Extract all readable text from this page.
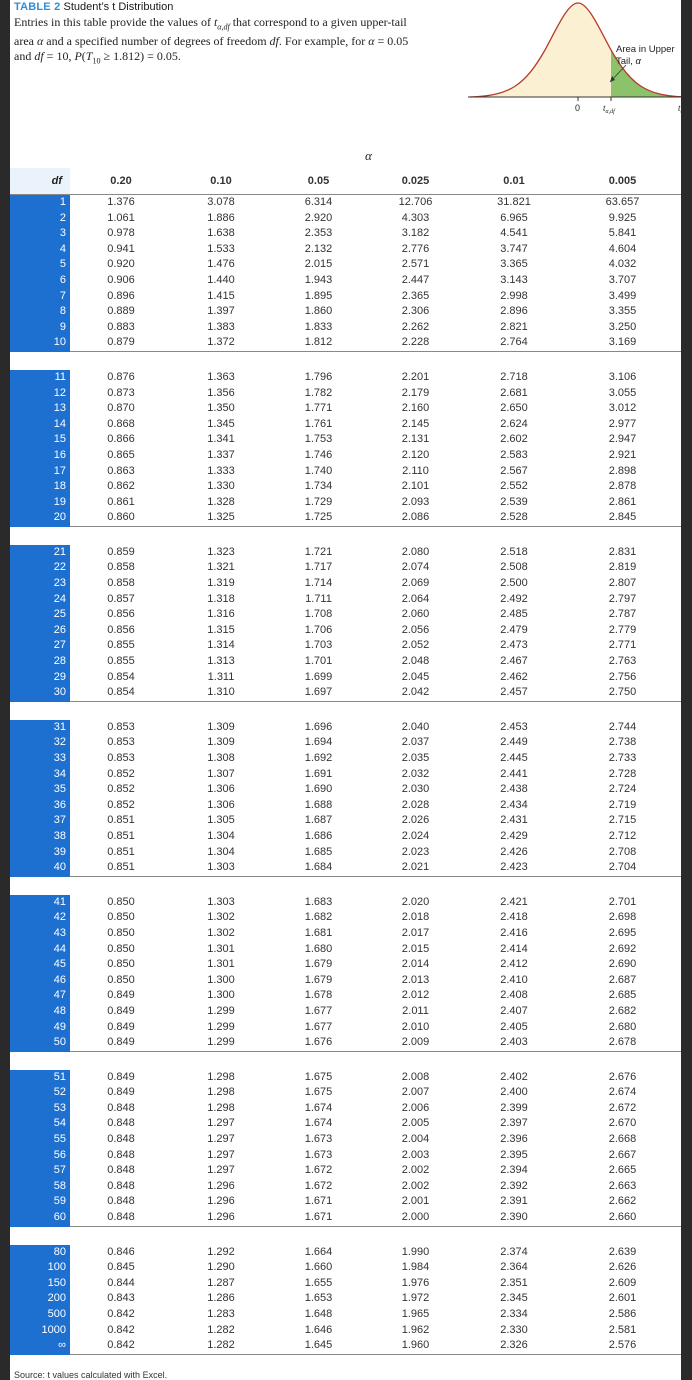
TABLE 2 Student’s t Distribution
Entries in this table provide the values of $t_{\alpha,df}$ that correspond to a given upper-tail area α and a specified number of degrees of freedom df. For example, for α = 0.05 and df = 10, $P(T_{10} \ge 1.812) = 0.05$.	Area in Upper
Tail, α
0	$t_{\alpha,df}$	$t_{df}$
α
df	0.20	0.10	0.05	0.025	0.01	0.005
1	1.376	3.078	6.314	12.706	31.821	63.657
2	1.061	1.886	2.920	4.303	6.965	9.925
3	0.978	1.638	2.353	3.182	4.541	5.841
4	0.941	1.533	2.132	2.776	3.747	4.604
5	0.920	1.476	2.015	2.571	3.365	4.032
6	0.906	1.440	1.943	2.447	3.143	3.707
7	0.896	1.415	1.895	2.365	2.998	3.499
8	0.889	1.397	1.860	2.306	2.896	3.355
9	0.883	1.383	1.833	2.262	2.821	3.250
10	0.879	1.372	1.812	2.228	2.764	3.169

11	0.876	1.363	1.796	2.201	2.718	3.106
12	0.873	1.356	1.782	2.179	2.681	3.055
13	0.870	1.350	1.771	2.160	2.650	3.012
14	0.868	1.345	1.761	2.145	2.624	2.977
15	0.866	1.341	1.753	2.131	2.602	2.947
16	0.865	1.337	1.746	2.120	2.583	2.921
17	0.863	1.333	1.740	2.110	2.567	2.898
18	0.862	1.330	1.734	2.101	2.552	2.878
19	0.861	1.328	1.729	2.093	2.539	2.861
20	0.860	1.325	1.725	2.086	2.528	2.845

21	0.859	1.323	1.721	2.080	2.518	2.831
22	0.858	1.321	1.717	2.074	2.508	2.819
23	0.858	1.319	1.714	2.069	2.500	2.807
24	0.857	1.318	1.711	2.064	2.492	2.797
25	0.856	1.316	1.708	2.060	2.485	2.787
26	0.856	1.315	1.706	2.056	2.479	2.779
27	0.855	1.314	1.703	2.052	2.473	2.771
28	0.855	1.313	1.701	2.048	2.467	2.763
29	0.854	1.311	1.699	2.045	2.462	2.756
30	0.854	1.310	1.697	2.042	2.457	2.750

31	0.853	1.309	1.696	2.040	2.453	2.744
32	0.853	1.309	1.694	2.037	2.449	2.738
33	0.853	1.308	1.692	2.035	2.445	2.733
34	0.852	1.307	1.691	2.032	2.441	2.728
35	0.852	1.306	1.690	2.030	2.438	2.724
36	0.852	1.306	1.688	2.028	2.434	2.719
37	0.851	1.305	1.687	2.026	2.431	2.715
38	0.851	1.304	1.686	2.024	2.429	2.712
39	0.851	1.304	1.685	2.023	2.426	2.708
40	0.851	1.303	1.684	2.021	2.423	2.704

41	0.850	1.303	1.683	2.020	2.421	2.701
42	0.850	1.302	1.682	2.018	2.418	2.698
43	0.850	1.302	1.681	2.017	2.416	2.695
44	0.850	1.301	1.680	2.015	2.414	2.692
45	0.850	1.301	1.679	2.014	2.412	2.690
46	0.850	1.300	1.679	2.013	2.410	2.687
47	0.849	1.300	1.678	2.012	2.408	2.685
48	0.849	1.299	1.677	2.011	2.407	2.682
49	0.849	1.299	1.677	2.010	2.405	2.680
50	0.849	1.299	1.676	2.009	2.403	2.678

51	0.849	1.298	1.675	2.008	2.402	2.676
52	0.849	1.298	1.675	2.007	2.400	2.674
53	0.848	1.298	1.674	2.006	2.399	2.672
54	0.848	1.297	1.674	2.005	2.397	2.670
55	0.848	1.297	1.673	2.004	2.396	2.668
56	0.848	1.297	1.673	2.003	2.395	2.667
57	0.848	1.297	1.672	2.002	2.394	2.665
58	0.848	1.296	1.672	2.002	2.392	2.663
59	0.848	1.296	1.671	2.001	2.391	2.662
60	0.848	1.296	1.671	2.000	2.390	2.660

80	0.846	1.292	1.664	1.990	2.374	2.639
100	0.845	1.290	1.660	1.984	2.364	2.626
150	0.844	1.287	1.655	1.976	2.351	2.609
200	0.843	1.286	1.653	1.972	2.345	2.601
500	0.842	1.283	1.648	1.965	2.334	2.586
1000	0.842	1.282	1.646	1.962	2.330	2.581
∞	0.842	1.282	1.645	1.960	2.326	2.576
Source: t values calculated with Excel.
